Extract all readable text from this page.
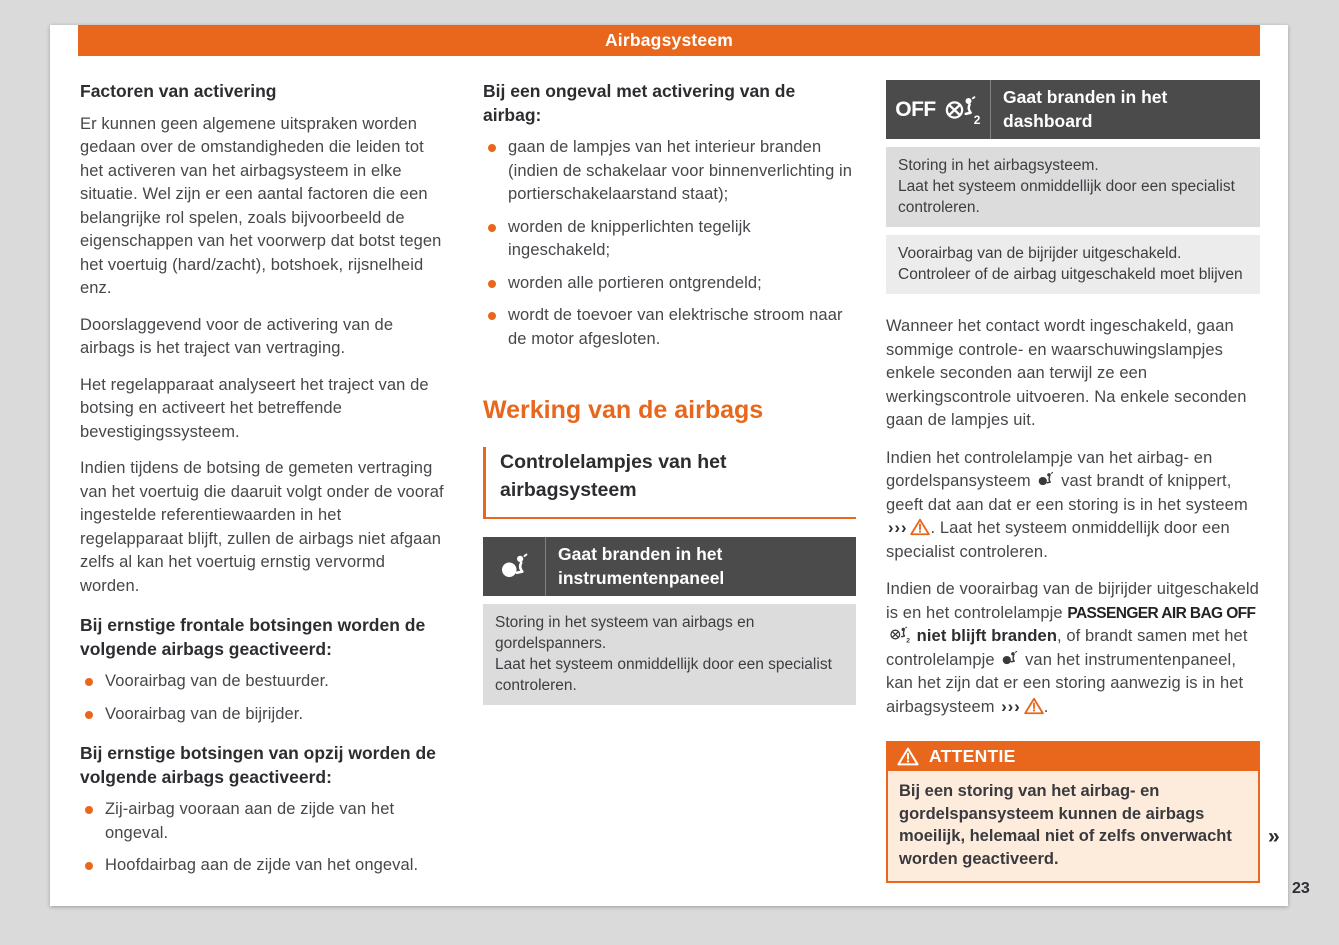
Airbagsysteem
Factoren van activering

Er kunnen geen algemene uitspraken worden gedaan over de omstandigheden die leiden tot het activeren van het airbagsysteem in elke situatie. Wel zijn er een aantal factoren die een belangrijke rol spelen, zoals bijvoorbeeld de eigenschappen van het voorwerp dat botst tegen het voertuig (hard/zacht), botshoek, rijsnelheid enz.

Doorslaggevend voor de activering van de airbags is het traject van vertraging.

Het regelapparaat analyseert het traject van de botsing en activeert het betreffende bevestigingssysteem.

Indien tijdens de botsing de gemeten vertraging van het voertuig die daaruit volgt onder de vooraf ingestelde referentiewaarden in het regelapparaat blijft, zullen de airbags niet afgaan zelfs al kan het voertuig ernstig vervormd worden.

Bij ernstige frontale botsingen worden de volgende airbags geactiveerd:
Voorairbag van de bestuurder.
Voorairbag van de bijrijder.
Bij ernstige botsingen van opzij worden de volgende airbags geactiveerd:
Zij-airbag vooraan aan de zijde van het ongeval.
Hoofdairbag aan de zijde van het ongeval.
Bij een ongeval met activering van de airbag:
gaan de lampjes van het interieur branden (indien de schakelaar voor binnenverlichting in portierschakelaarstand staat);
worden de knipperlichten tegelijk ingeschakeld;
worden alle portieren ontgrendeld;
wordt de toevoer van elektrische stroom naar de motor afgesloten.
Werking van de airbags
Controlelampjes van het airbagsysteem
Gaat branden in het instrumentenpaneel
Storing in het systeem van airbags en gordelspanners.
Laat het systeem onmiddellijk door een specialist controleren.
OFF	2
Gaat branden in het dashboard
Storing in het airbagsysteem.
Laat het systeem onmiddellijk door een specialist controleren.
Voorairbag van de bijrijder uitgeschakeld.
Controleer of de airbag uitgeschakeld moet blijven

Wanneer het contact wordt ingeschakeld, gaan sommige controle- en waarschuwingslampjes enkele seconden aan terwijl ze een werkingscontrole uitvoeren. Na enkele seconden gaan de lampjes uit.

Indien het controlelampje van het airbag- en gordelspansysteem
vast brandt of knippert, geeft dat aan dat er een storing is in het systeem ››› . Laat het systeem onmiddellijk door een specialist controleren.

Indien de voorairbag van de bijrijder uitgeschakeld is en het controlelampje PASSENGER AIR BAG OFF
2 niet blijft branden, of brandt samen met het controlelampje
van het instrumentenpaneel, kan het zijn dat er een storing aanwezig is in het airbagsysteem ››› .

ATTENTIE
Bij een storing van het airbag- en gordelspansysteem kunnen de airbags moeilijk, helemaal niet of zelfs onverwacht worden geactiveerd.
»
23
